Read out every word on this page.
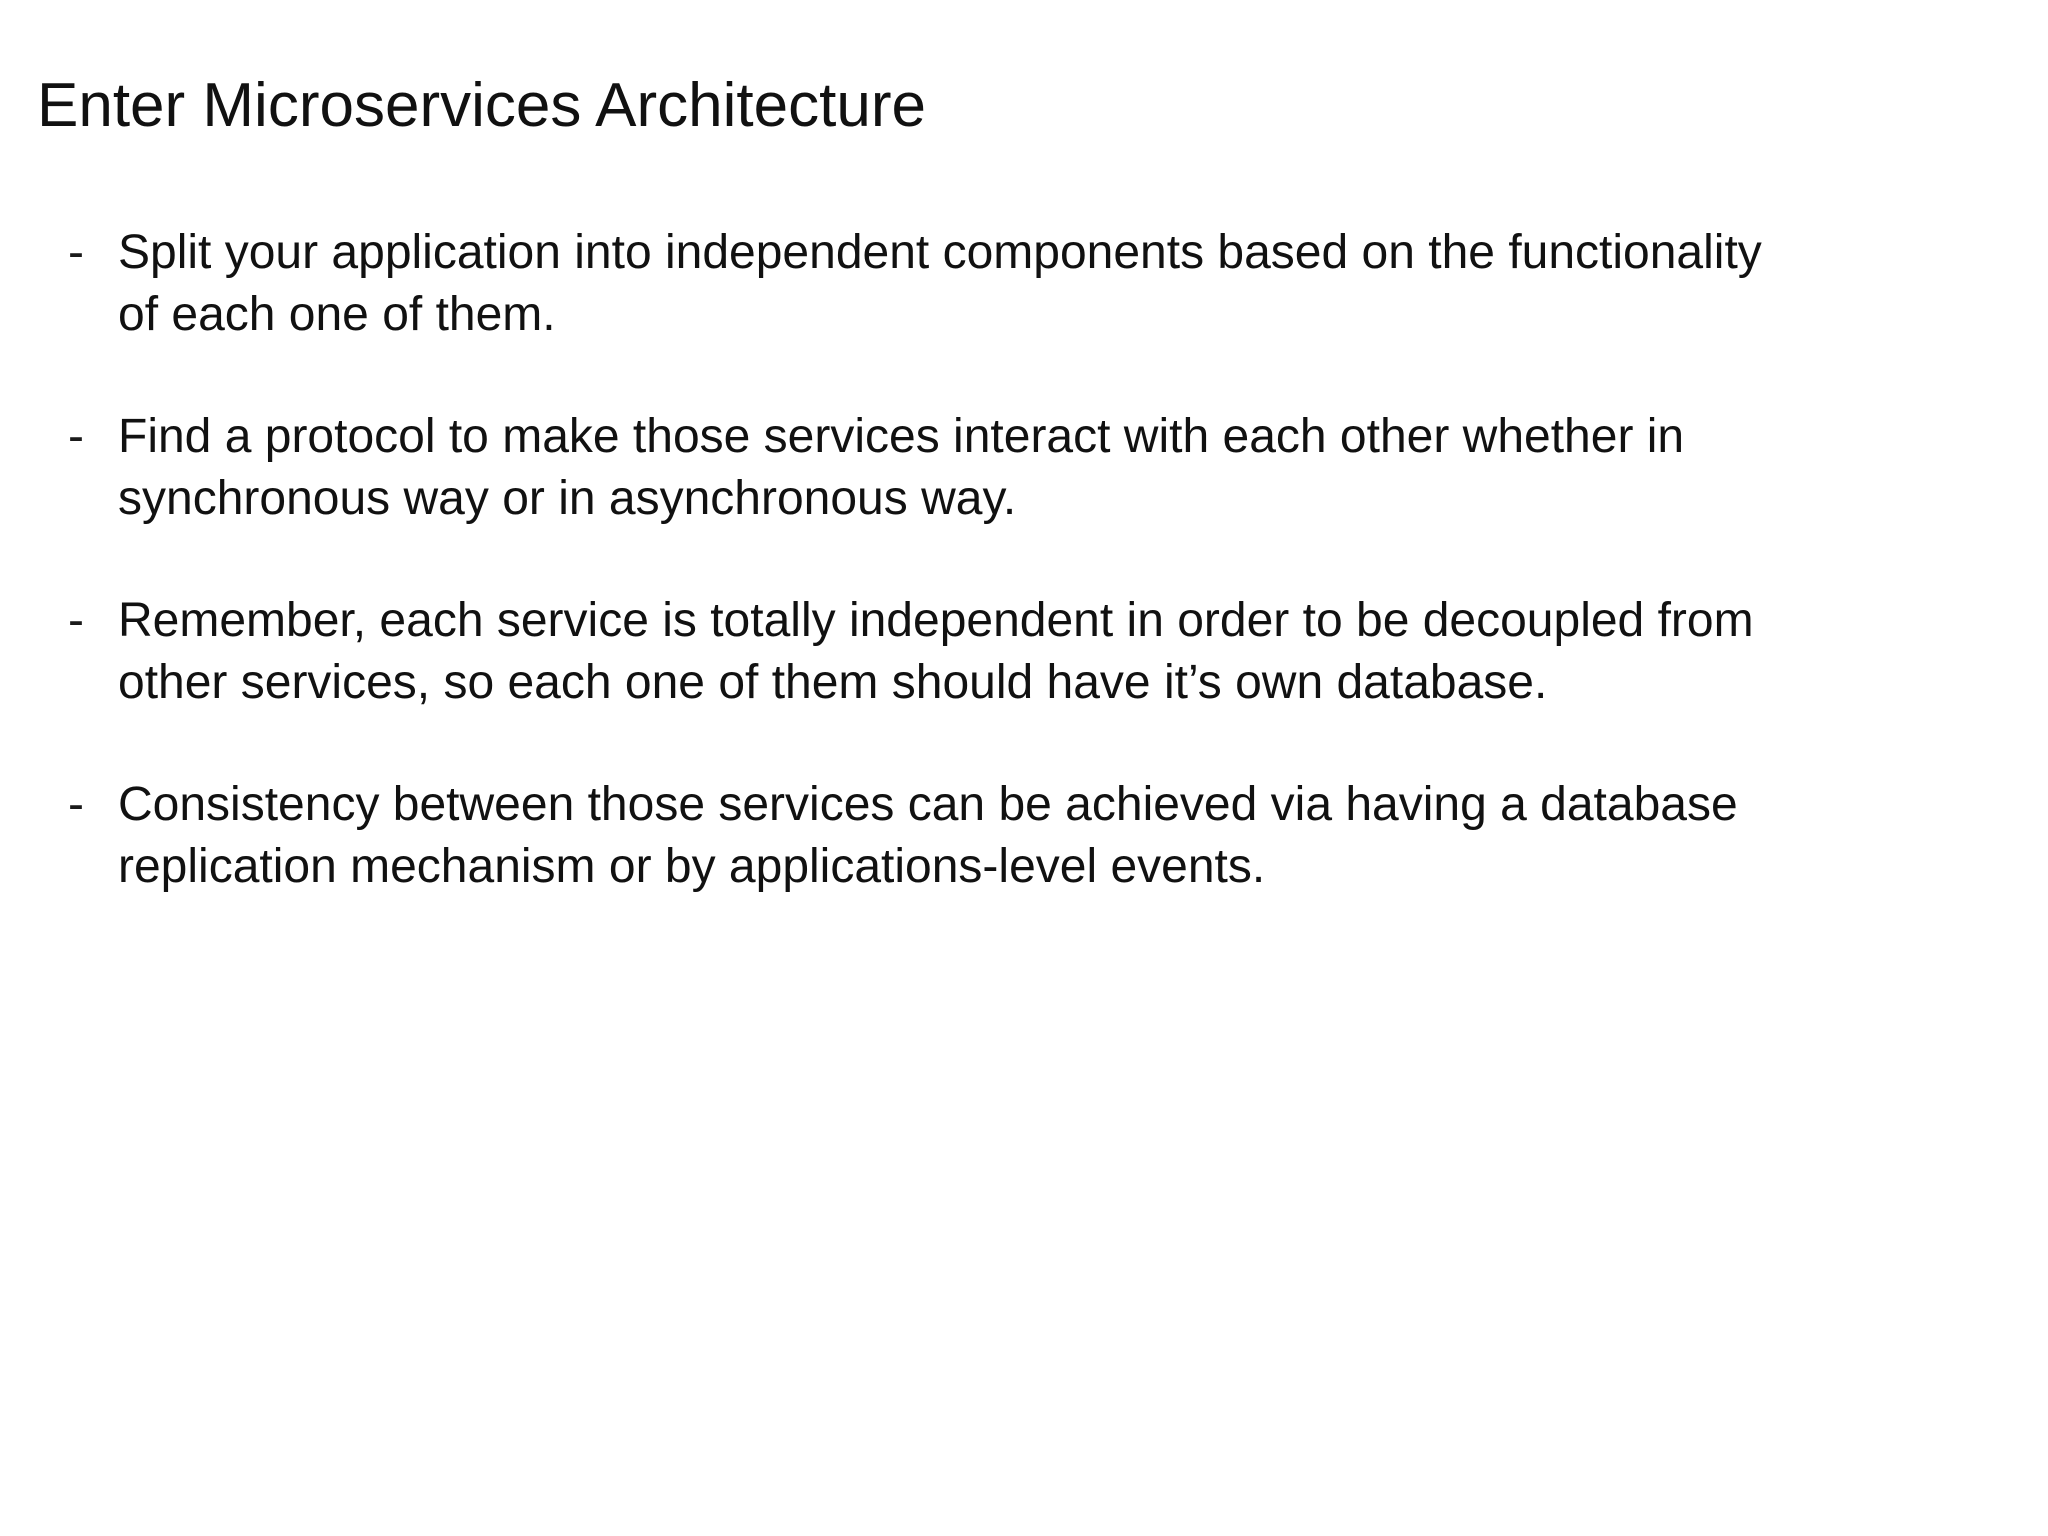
Enter Microservices Architecture
- Split your application into independent components based on the functionality of each one of them.
- Find a protocol to make those services interact with each other whether in synchronous way or in asynchronous way.
- Remember, each service is totally independent in order to be decoupled from other services, so each one of them should have it’s own database.
- Consistency between those services can be achieved via having a database replication mechanism or by applications-level events.
